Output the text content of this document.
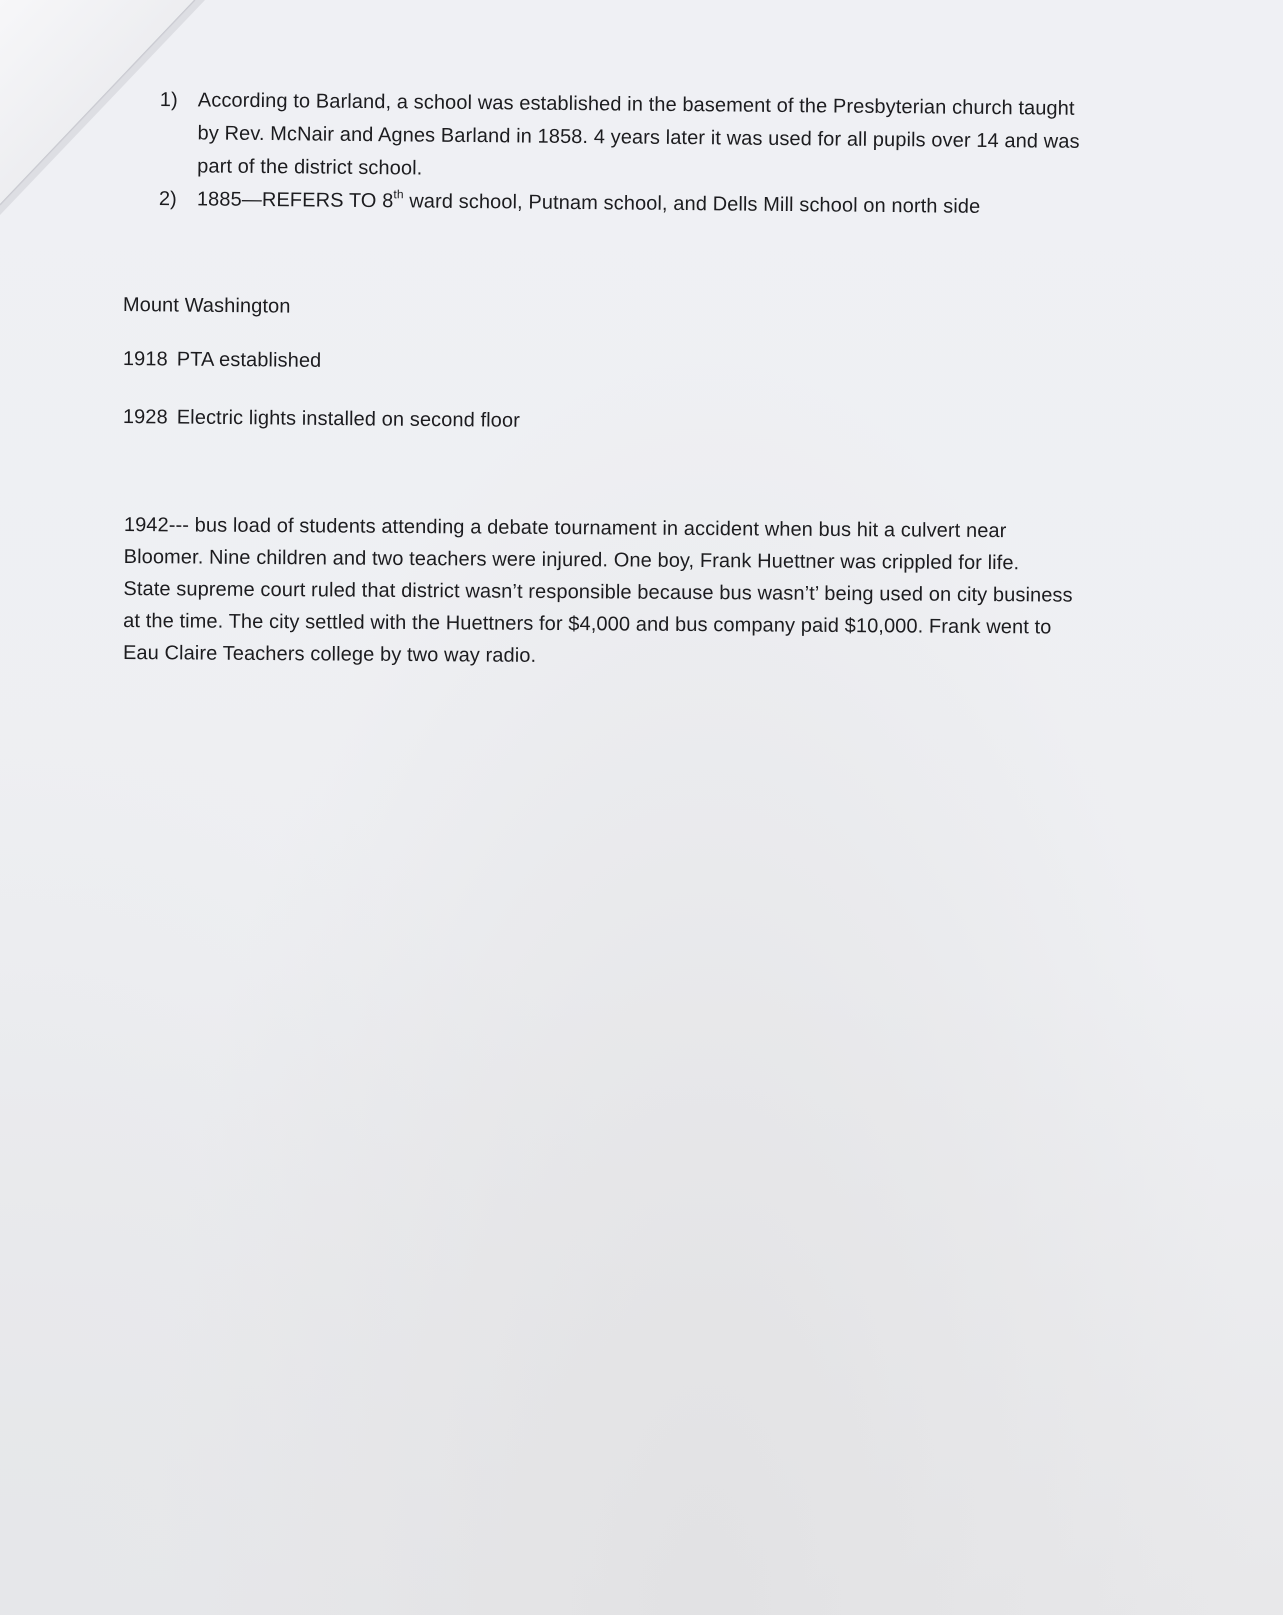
1) According to Barland, a school was established in the basement of the Presbyterian church taught
by Rev. McNair and Agnes Barland in 1858. 4 years later it was used for all pupils over 14 and was
part of the district school.

2) 1885—REFERS TO 8th ward school, Putnam school, and Dells Mill school on north side

Mount Washington
1918 PTA established
1928 Electric lights installed on second floor
1942--- bus load of students attending a debate tournament in accident when bus hit a culvert near
Bloomer. Nine children and two teachers were injured. One boy, Frank Huettner was crippled for life.
State supreme court ruled that district wasn’t responsible because bus wasn’t’ being used on city business
at the time. The city settled with the Huettners for $4,000 and bus company paid $10,000. Frank went to
Eau Claire Teachers college by two way radio.
